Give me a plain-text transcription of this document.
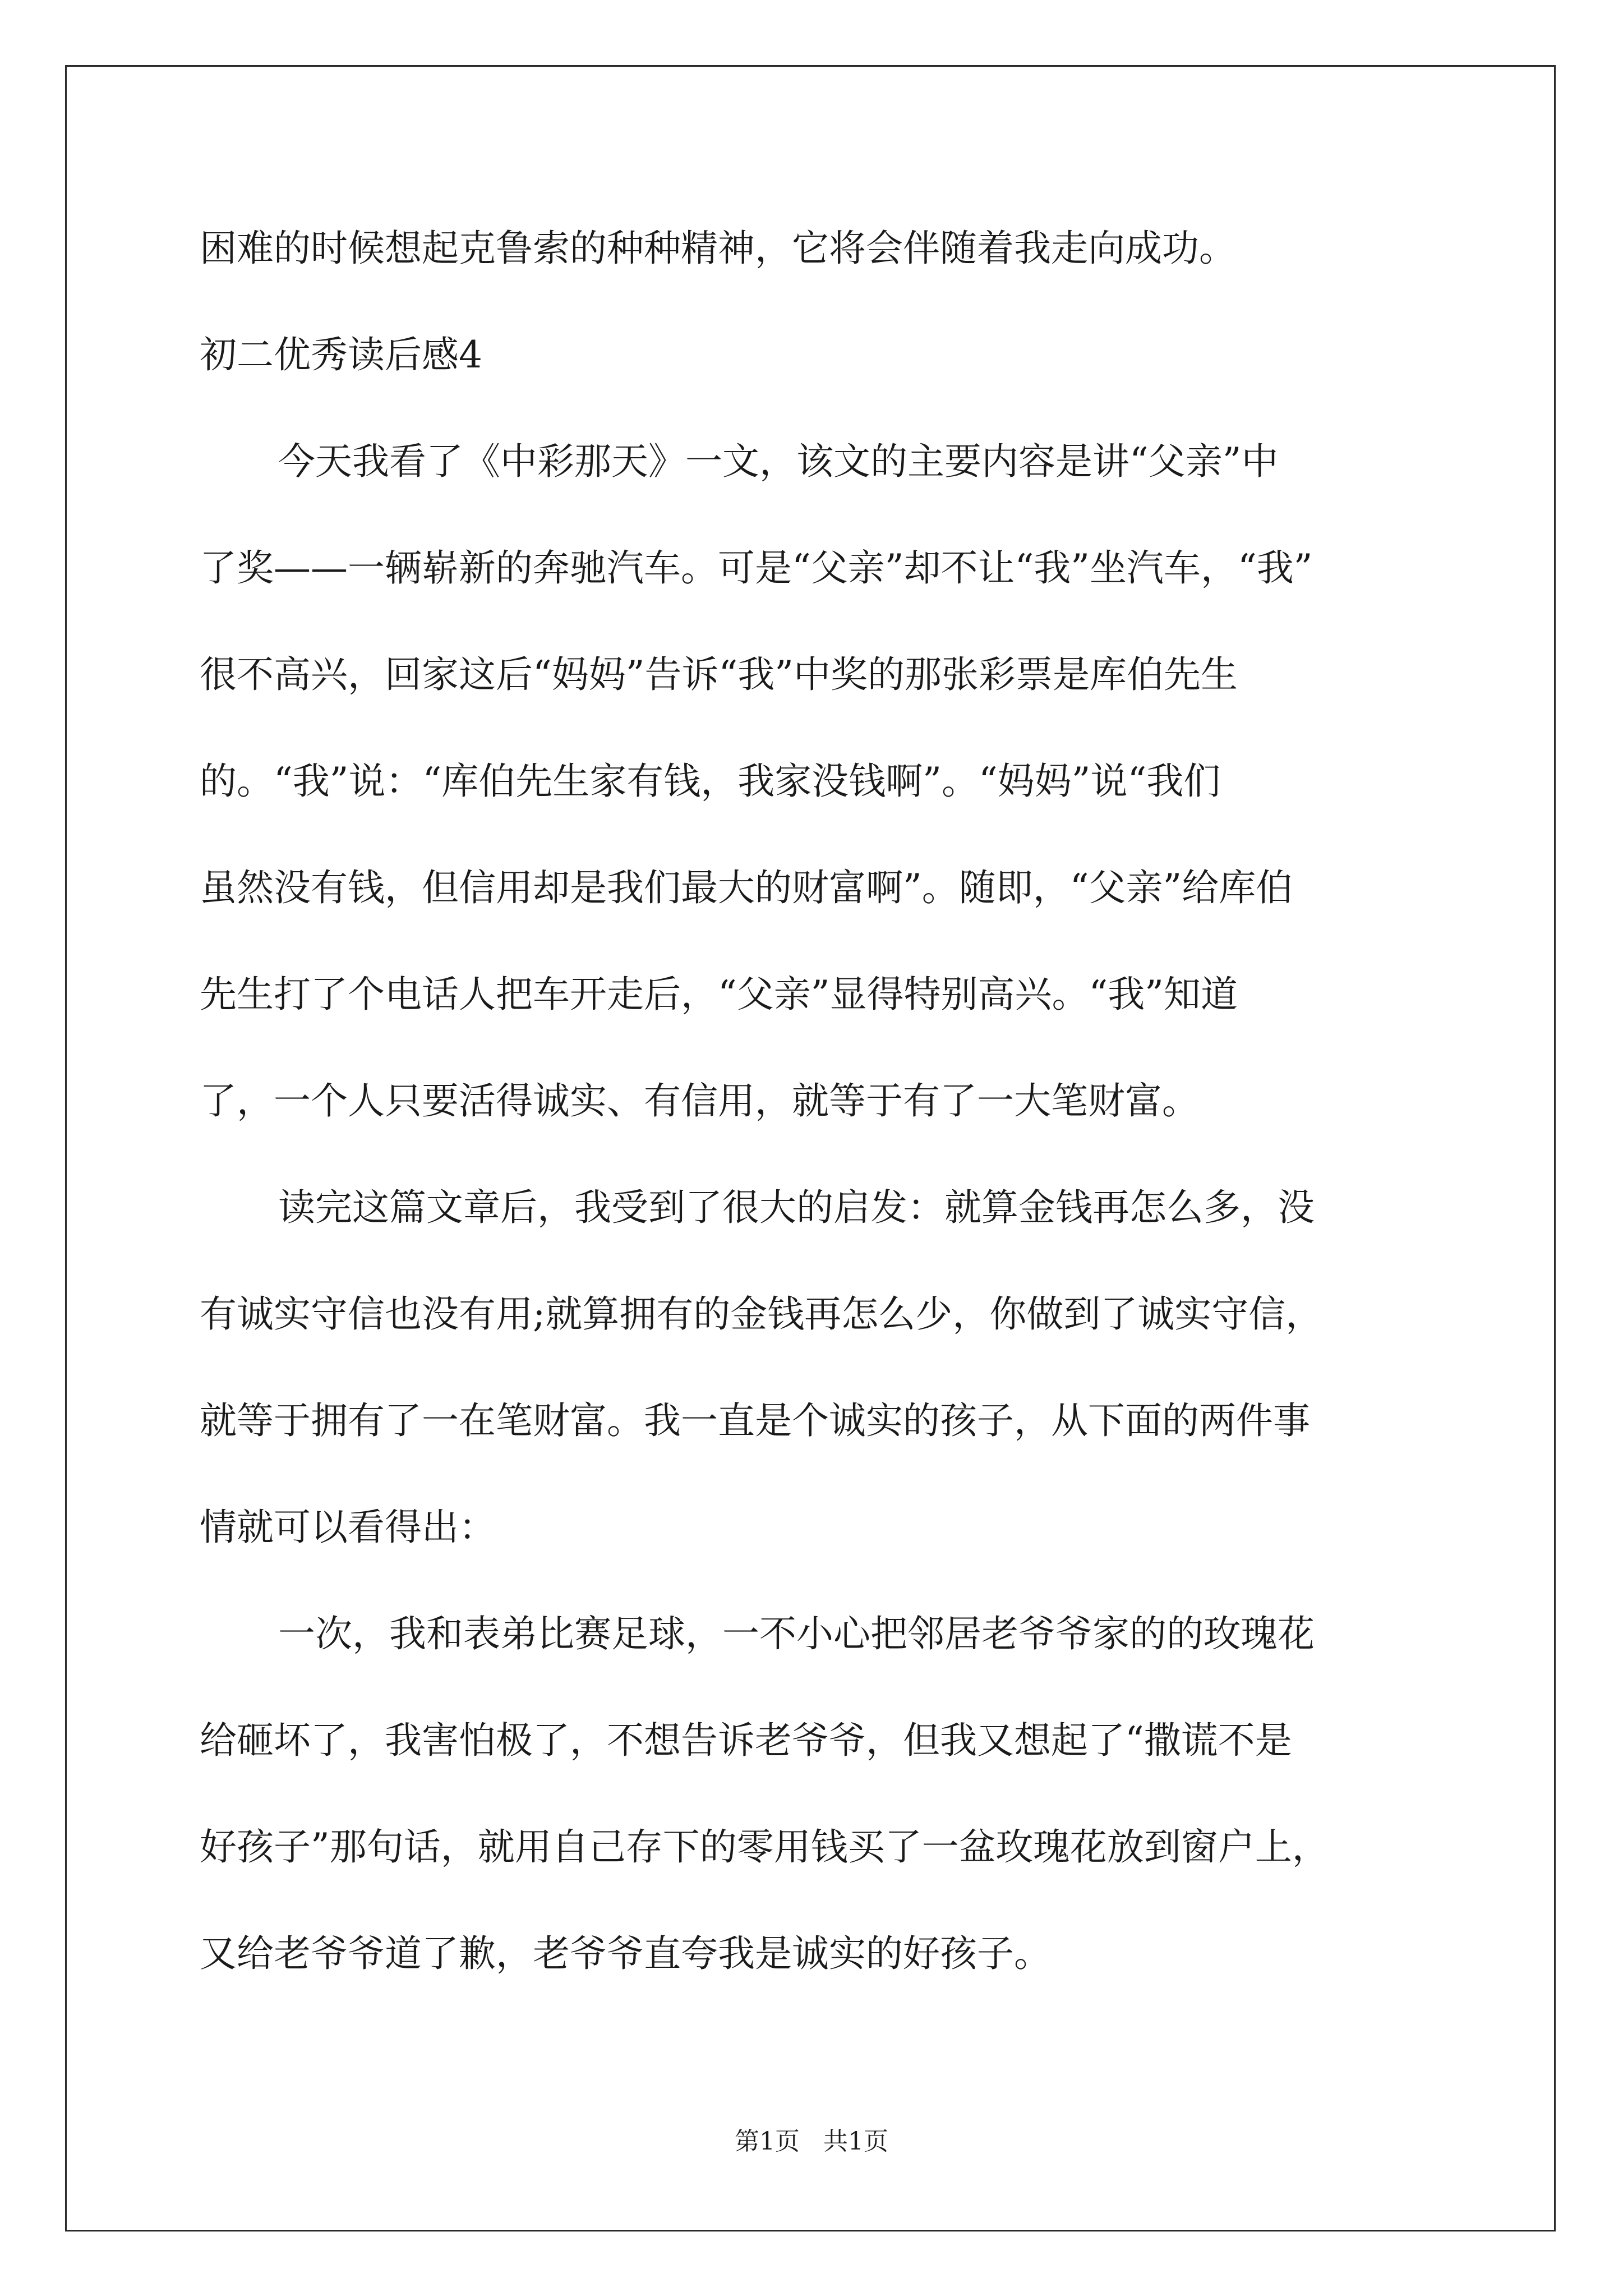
困难的时候想起克鲁索的种种精神，它将会伴随着我走向成功。
初二优秀读后感4
今天我看了《中彩那天》一文，该文的主要内容是讲“父亲”中
了奖——一辆崭新的奔驰汽车。可是“父亲”却不让“我”坐汽车，“我”
很不高兴，回家这后“妈妈”告诉“我”中奖的那张彩票是库伯先生
的。“我”说：“库伯先生家有钱，我家没钱啊”。“妈妈”说“我们
虽然没有钱，但信用却是我们最大的财富啊”。随即，“父亲”给库伯
先生打了个电话人把车开走后，“父亲”显得特别高兴。“我”知道
了，一个人只要活得诚实、有信用，就等于有了一大笔财富。
读完这篇文章后，我受到了很大的启发：就算金钱再怎么多，没
有诚实守信也没有用;就算拥有的金钱再怎么少，你做到了诚实守信，
就等于拥有了一在笔财富。我一直是个诚实的孩子，从下面的两件事
情就可以看得出：
一次，我和表弟比赛足球，一不小心把邻居老爷爷家的的玫瑰花
给砸坏了，我害怕极了，不想告诉老爷爷，但我又想起了“撒谎不是
好孩子”那句话，就用自己存下的零用钱买了一盆玫瑰花放到窗户上，
又给老爷爷道了歉，老爷爷直夸我是诚实的好孩子。
第1页   共1页
